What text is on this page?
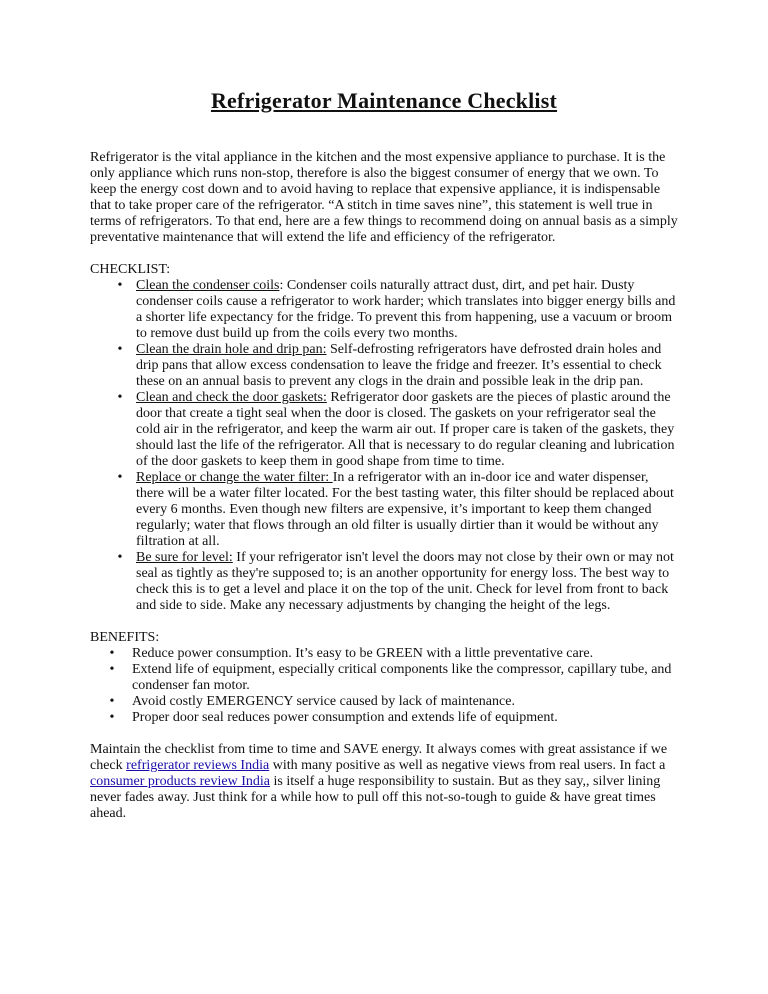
Refrigerator Maintenance Checklist

Refrigerator is the vital appliance in the kitchen and the most expensive appliance to purchase. It is the only appliance which runs non-stop, therefore is also the biggest consumer of energy that we own. To keep the energy cost down and to avoid having to replace that expensive appliance, it is indispensable that to take proper care of the refrigerator. “A stitch in time saves nine”, this statement is well true in terms of refrigerators. To that end, here are a few things to recommend doing on annual basis as a simply preventative maintenance that will extend the life and efficiency of the refrigerator.

CHECKLIST:

• Clean the condenser coils: Condenser coils naturally attract dust, dirt, and pet hair. Dusty condenser coils cause a refrigerator to work harder; which translates into bigger energy bills and a shorter life expectancy for the fridge. To prevent this from happening, use a vacuum or broom to remove dust build up from the coils every two months.
• Clean the drain hole and drip pan: Self-defrosting refrigerators have defrosted drain holes and drip pans that allow excess condensation to leave the fridge and freezer. It’s essential to check these on an annual basis to prevent any clogs in the drain and possible leak in the drip pan.
• Clean and check the door gaskets: Refrigerator door gaskets are the pieces of plastic around the door that create a tight seal when the door is closed. The gaskets on your refrigerator seal the cold air in the refrigerator, and keep the warm air out. If proper care is taken of the gaskets, they should last the life of the refrigerator. All that is necessary to do regular cleaning and lubrication of the door gaskets to keep them in good shape from time to time.
• Replace or change the water filter: In a refrigerator with an in-door ice and water dispenser, there will be a water filter located. For the best tasting water, this filter should be replaced about every 6 months. Even though new filters are expensive, it’s important to keep them changed regularly; water that flows through an old filter is usually dirtier than it would be without any filtration at all.
• Be sure for level: If your refrigerator isn't level the doors may not close by their own or may not seal as tightly as they're supposed to; is an another opportunity for energy loss. The best way to check this is to get a level and place it on the top of the unit. Check for level from front to back and side to side. Make any necessary adjustments by changing the height of the legs.

BENEFITS:

• Reduce power consumption. It’s easy to be GREEN with a little preventative care.
• Extend life of equipment, especially critical components like the compressor, capillary tube, and condenser fan motor.
• Avoid costly EMERGENCY service caused by lack of maintenance.
• Proper door seal reduces power consumption and extends life of equipment.

Maintain the checklist from time to time and SAVE energy. It always comes with great assistance if we check refrigerator reviews India with many positive as well as negative views from real users. In fact a consumer products review India is itself a huge responsibility to sustain. But as they say,, silver lining never fades away. Just think for a while how to pull off this not-so-tough to guide & have great times ahead.
